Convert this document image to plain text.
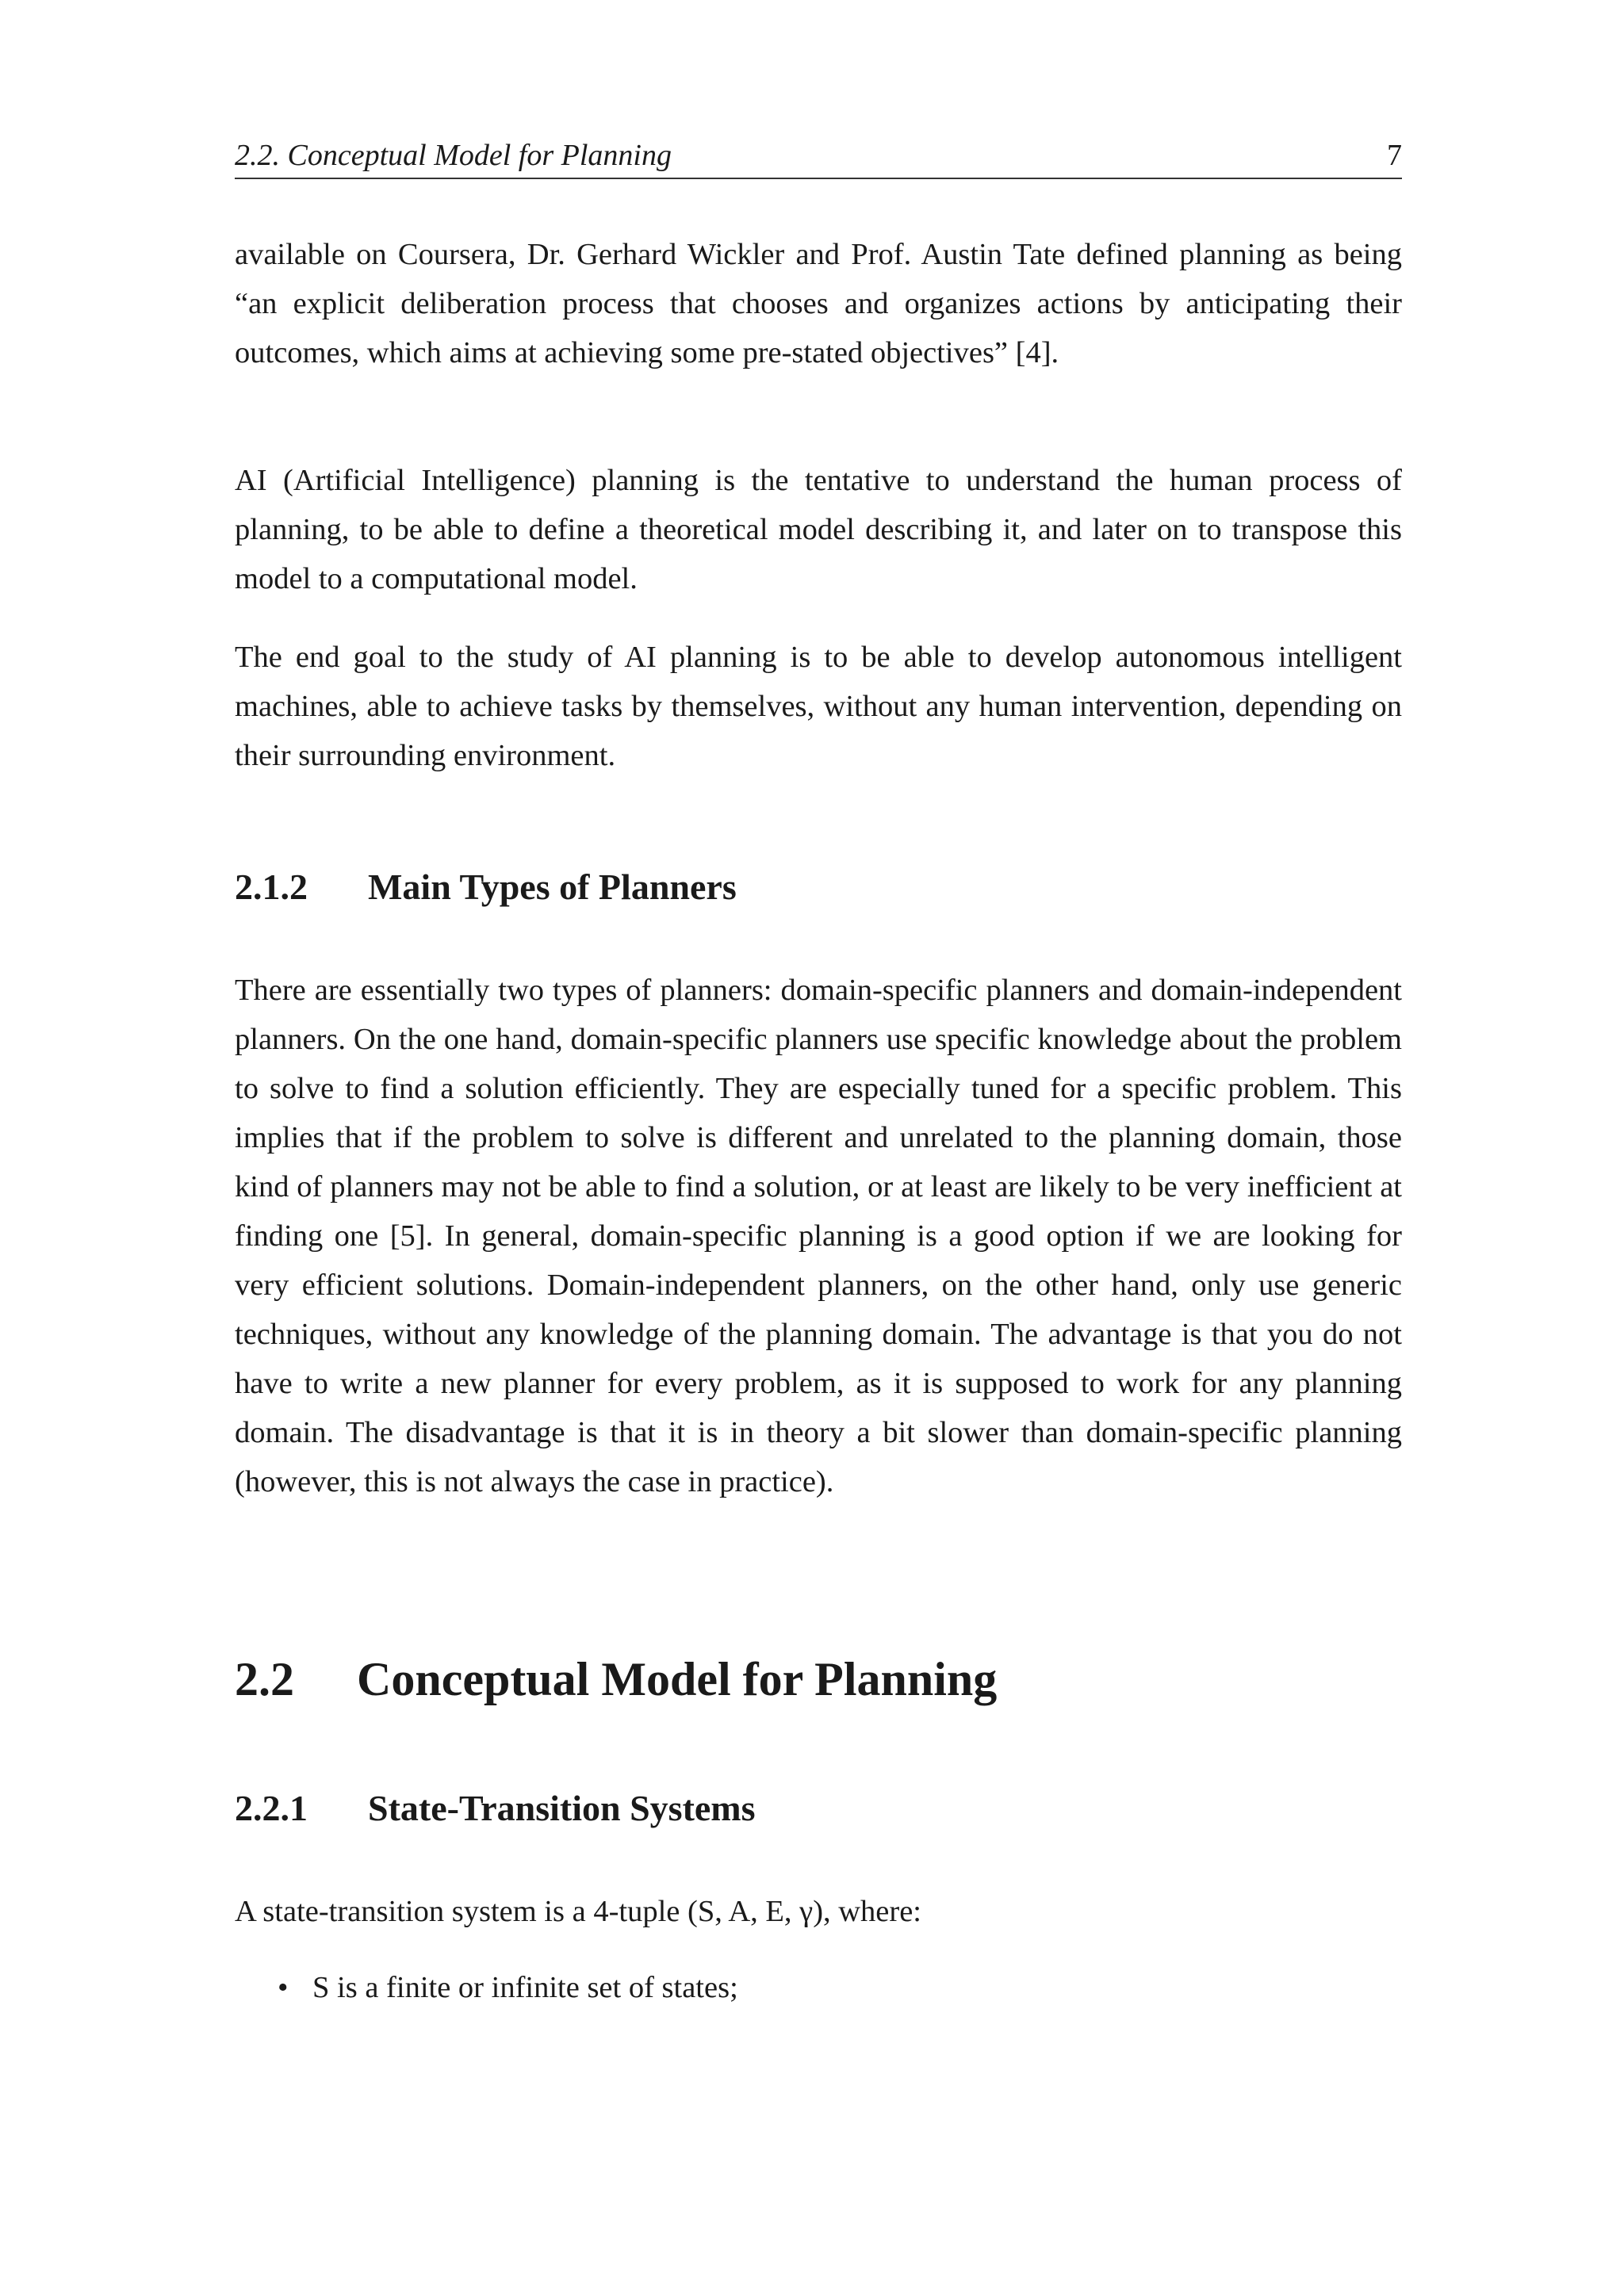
2.2. Conceptual Model for Planning	7

available on Coursera, Dr. Gerhard Wickler and Prof. Austin Tate defined planning as being “an explicit deliberation process that chooses and organizes actions by anticipating their outcomes, which aims at achieving some pre-stated objectives” [4].

AI (Artificial Intelligence) planning is the tentative to understand the human process of planning, to be able to define a theoretical model describing it, and later on to transpose this model to a computational model.

The end goal to the study of AI planning is to be able to develop autonomous intelligent machines, able to achieve tasks by themselves, without any human intervention, depending on their surrounding environment.

2.1.2 Main Types of Planners

There are essentially two types of planners: domain-specific planners and domain-independent planners. On the one hand, domain-specific planners use specific knowledge about the problem to solve to find a solution efficiently. They are especially tuned for a specific problem. This implies that if the problem to solve is different and unrelated to the planning domain, those kind of planners may not be able to find a solution, or at least are likely to be very inefficient at finding one [5]. In general, domain-specific planning is a good option if we are looking for very efficient solutions. Domain-independent planners, on the other hand, only use generic techniques, without any knowledge of the planning domain. The advantage is that you do not have to write a new planner for every problem, as it is supposed to work for any planning domain. The disadvantage is that it is in theory a bit slower than domain-specific planning (however, this is not always the case in practice).

2.2 Conceptual Model for Planning
2.2.1 State-Transition Systems

A state-transition system is a 4-tuple (S, A, E, γ), where:

• S is a finite or infinite set of states;
